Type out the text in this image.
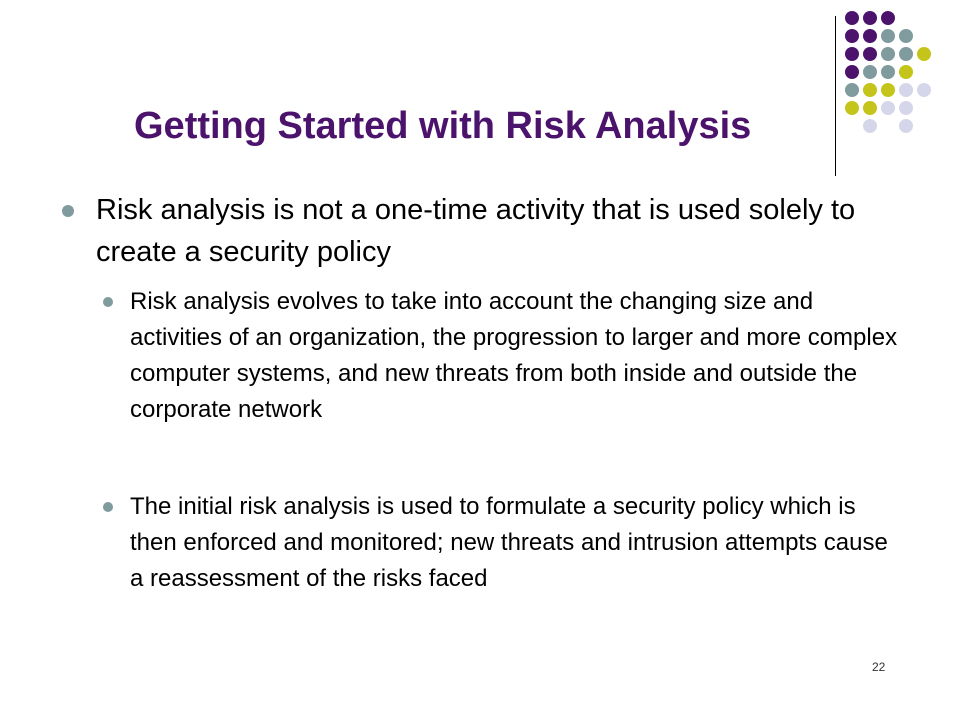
Getting Started with Risk Analysis
Risk analysis is not a one-time activity that is used solely to create a security policy
Risk analysis evolves to take into account the changing size and activities of an organization, the progression to larger and more complex computer systems, and new threats from both inside and outside the corporate network
The initial risk analysis is used to formulate a security policy which is then enforced and monitored; new threats and intrusion attempts cause a reassessment of the risks faced
22
